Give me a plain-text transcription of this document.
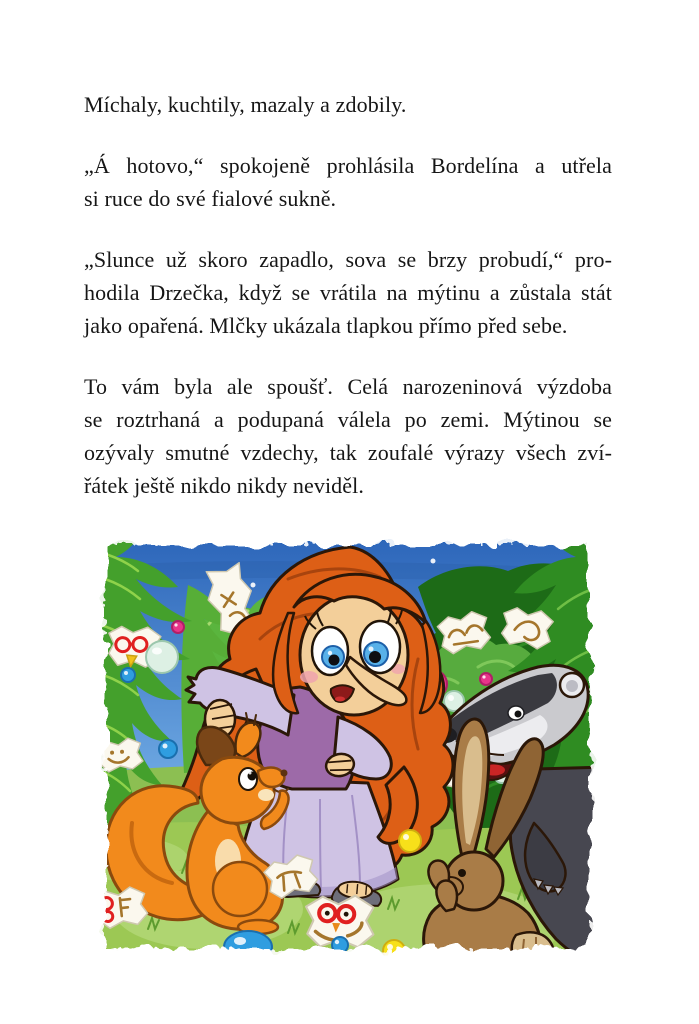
Míchaly, kuchtily, mazaly a zdobily.

„Á hotovo,“ spokojeně prohlásila Bordelína a utřela
si ruce do své fialové sukně.

„Slunce už skoro zapadlo, sova se brzy probudí,“ pro-
hodila Drzečka, když se vrátila na mýtinu a zůstala stát
jako opařená. Mlčky ukázala tlapkou přímo před sebe.

To vám byla ale spoušť. Celá narozeninová výzdoba
se roztrhaná a podupaná válela po zemi. Mýtinou se
ozývaly smutné vzdechy, tak zoufalé výrazy všech zví-
řátek ještě nikdo nikdy neviděl.
